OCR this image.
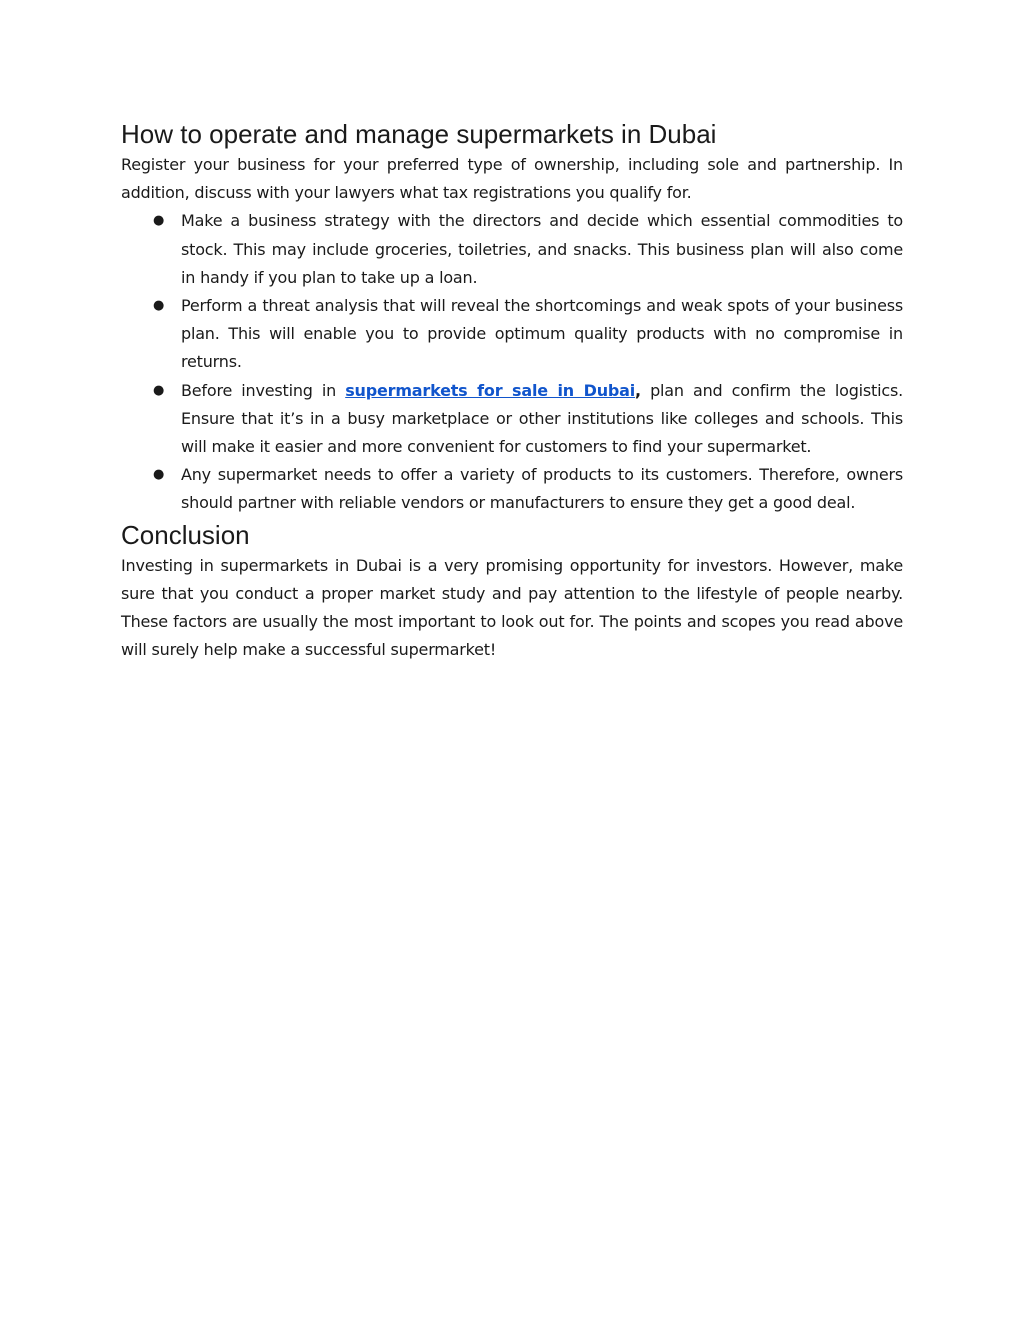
How to operate and manage supermarkets in Dubai

Register your business for your preferred type of ownership, including sole and partnership. In addition, discuss with your lawyers what tax registrations you qualify for.

● Make a business strategy with the directors and decide which essential commodities to stock. This may include groceries, toiletries, and snacks. This business plan will also come in handy if you plan to take up a loan.
● Perform a threat analysis that will reveal the shortcomings and weak spots of your business plan. This will enable you to provide optimum quality products with no compromise in returns.
● Before investing in supermarkets for sale in Dubai, plan and confirm the logistics. Ensure that it’s in a busy marketplace or other institutions like colleges and schools. This will make it easier and more convenient for customers to find your supermarket.
● Any supermarket needs to offer a variety of products to its customers. Therefore, owners should partner with reliable vendors or manufacturers to ensure they get a good deal.
Conclusion

Investing in supermarkets in Dubai is a very promising opportunity for investors. However, make sure that you conduct a proper market study and pay attention to the lifestyle of people nearby. These factors are usually the most important to look out for. The points and scopes you read above will surely help make a successful supermarket!
